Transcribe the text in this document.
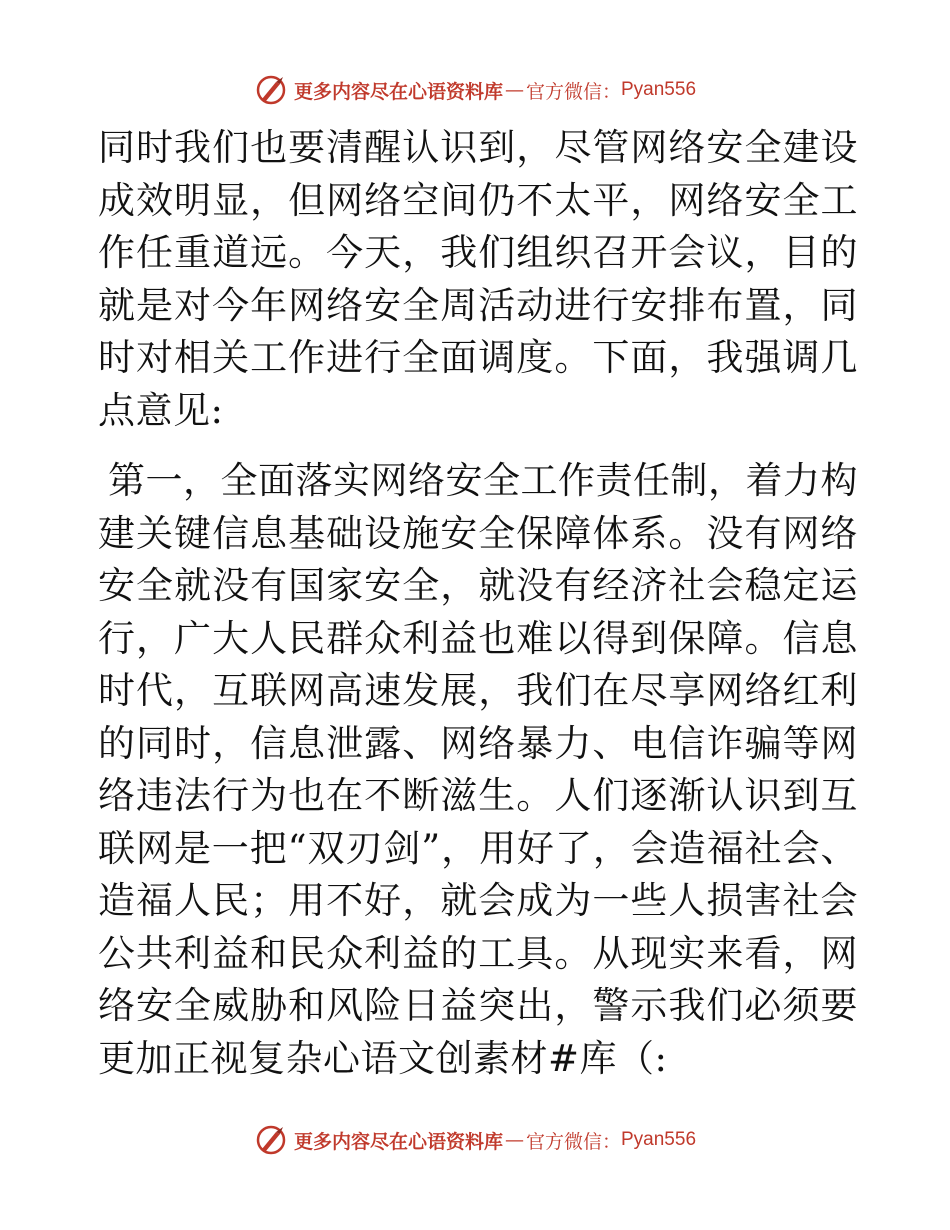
更多内容尽在心语资料库 — 官方微信： Pyan556

同时我们也要清醒认识到，尽管网络安全建设成效明显，但网络空间仍不太平，网络安全工作任重道远。今天，我们组织召开会议，目的就是对今年网络安全周活动进行安排布置，同时对相关工作进行全面调度。下面，我强调几点意见:

第一，全面落实网络安全工作责任制，着力构建关键信息基础设施安全保障体系。没有网络安全就没有国家安全，就没有经济社会稳定运行，广大人民群众利益也难以得到保障。信息时代，互联网高速发展，我们在尽享网络红利的同时，信息泄露、网络暴力、电信诈骗等网络违法行为也在不断滋生。人们逐渐认识到互联网是一把“双刃剑”，用好了，会造福社会、造福人民；用不好，就会成为一些人损害社会公共利益和民众利益的工具。从现实来看，网络安全威胁和风险日益突出，警示我们必须要更加正视复杂心语文创素材#库（:

更多内容尽在心语资料库 — 官方微信： Pyan556
